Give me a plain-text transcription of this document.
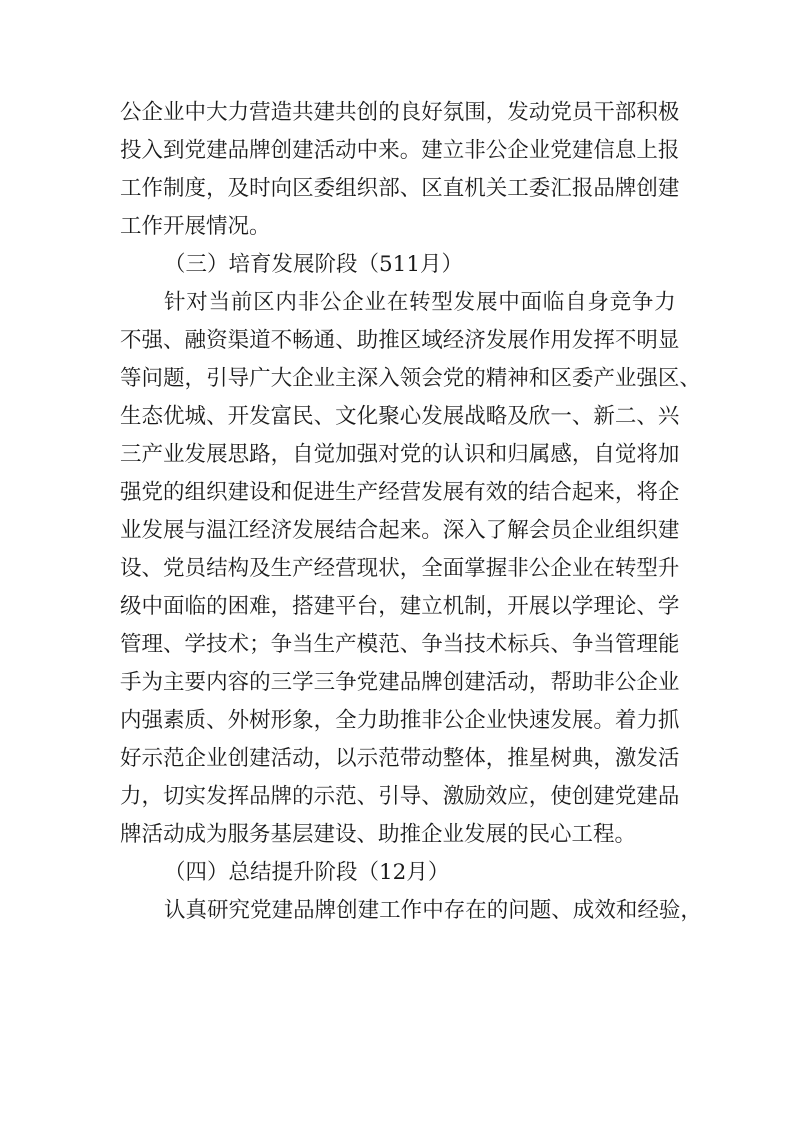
公 企 业 中 大 力 营 造 共 建 共 创 的 良 好 氛 围 ， 发 动 党 员 干 部 积 极
投 入 到 党 建 品 牌 创 建 活 动 中 来 。 建 立 非 公 企 业 党 建 信 息 上 报
工 作 制 度 ， 及 时 向 区 委 组 织 部 、 区 直 机 关 工 委 汇 报 品 牌 创 建
工作开展情况。
（三）培育发展阶段（511月）
针 对 当 前 区 内 非 公 企 业 在 转 型 发 展 中 面 临 自 身 竞 争 力
不 强 、 融 资 渠 道 不 畅 通 、 助 推 区 域 经 济 发 展 作 用 发 挥 不 明 显
等 问 题 ， 引 导 广 大 企 业 主 深 入 领 会 党 的 精 神 和 区 委 产 业 强 区 、
生 态 优 城 、 开 发 富 民 、 文 化 聚 心 发 展 战 略 及 欣 一 、 新 二 、 兴
三 产 业 发 展 思 路 ， 自 觉 加 强 对 党 的 认 识 和 归 属 感 ， 自 觉 将 加
强 党 的 组 织 建 设 和 促 进 生 产 经 营 发 展 有 效 的 结 合 起 来 ， 将 企
业 发 展 与 温 江 经 济 发 展 结 合 起 来 。 深 入 了 解 会 员 企 业 组 织 建
设 、 党 员 结 构 及 生 产 经 营 现 状 ， 全 面 掌 握 非 公 企 业 在 转 型 升
级 中 面 临 的 困 难 ， 搭 建 平 台 ， 建 立 机 制 ， 开 展 以 学 理 论 、 学
管 理 、 学 技 术 ； 争 当 生 产 模 范 、 争 当 技 术 标 兵 、 争 当 管 理 能
手 为 主 要 内 容 的 三 学 三 争 党 建 品 牌 创 建 活 动 ， 帮 助 非 公 企 业
内 强 素 质 、 外 树 形 象 ， 全 力 助 推 非 公 企 业 快 速 发 展 。 着 力 抓
好 示 范 企 业 创 建 活 动 ， 以 示 范 带 动 整 体 ， 推 星 树 典 ， 激 发 活
力 ， 切 实 发 挥 品 牌 的 示 范 、 引 导 、 激 励 效 应 ， 使 创 建 党 建 品
牌活动成为服务基层建设、助推企业发展的民心工程。
（四）总结提升阶段（12月）
认 真 研 究 党 建 品 牌 创 建 工 作 中 存 在 的 问 题 、 成 效 和 经 验 ，
